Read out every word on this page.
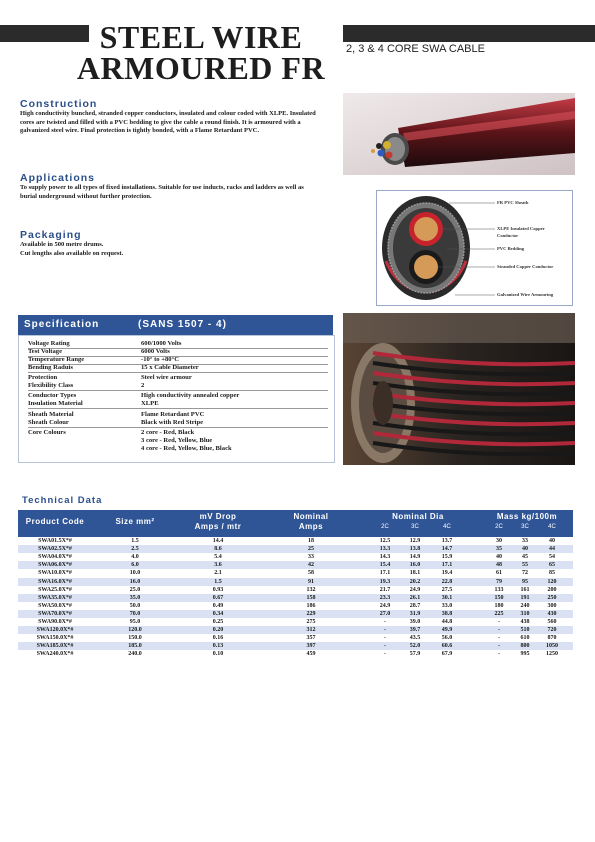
STEEL WIRE
ARMOURED FR
2, 3 & 4 CORE SWA CABLE
Construction
High conductivity bunched, stranded copper conductors, insulated and colour coded with XLPE. Insulated cores are twisted and filled with a PVC bedding to give the cable a round finish. It is armoured with a galvanized steel wire. Final protection is tightly bonded, with a Flame Retardant PVC.
Applications
To supply power to all types of fixed installations. Suitable for use inducts, racks and ladders as well as burial underground without further protection.
Packaging
Available in 500 metre drums.
Cut lengths also available on request.
FR PVC Sheath
XLPE Insulated Copper Conductor
PVC Bedding
Stranded Copper Conductor
Galvanized Wire Armouring
Specification	(SANS 1507 - 4)
Voltage Rating	600/1000 Volts

Test Voltage	6000 Volts

Temperature Range	-10° to +80°C

Bending Raduis	15 x Cable Diameter

Protection	Steel wire armour

Flexibility Class	2

Conductor Types	High conductivity annealed copper

Insulation Material	XLPE

Sheath Material	Flame Retardant PVC

Sheath Colour	Black with Red Stripe

Core Colours	2 core - Red, Black

3 core - Red, Yellow, Blue

4 core - Red, Yellow, Blue, Black

Technical Data
Product Code	Size mm²
mV Drop
Amps / mtr
Nominal
Amps
Nominal Dia
2C	3C	4C
Mass kg/100m
2C	3C	4C
SWA01.5X*#	1.5	14.4	18	12.5	12.9	13.7	30	33	40
SWA02.5X*#	2.5	8.6	25	13.3	13.8	14.7	35	40	44
SWA04.0X*#	4.0	5.4	33	14.3	14.9	15.9	40	45	54
SWA06.0X*#	6.0	3.6	42	15.4	16.0	17.1	48	55	65
SWA10.0X*#	10.0	2.1	58	17.1	18.1	19.4	61	72	85
SWA16.0X*#	16.0	1.5	91	19.3	20.2	22.8	79	95	120
SWA25.0X*#	25.0	0.93	132	21.7	24.9	27.5	133	161	200
SWA35.0X*#	35.0	0.67	158	23.3	26.1	30.1	150	191	250
SWA50.0X*#	50.0	0.49	186	24.9	28.7	33.0	180	240	300
SWA70.0X*#	70.0	0.34	229	27.0	31.9	38.8	225	310	430
SWA90.0X*#	95.0	0.25	275	-	39.0	44.8	-	438	560
SWA120.0X*#	120.0	0.20	312	-	39.7	49.9	-	510	720
SWA150.0X*#	150.0	0.16	357	-	43.5	56.0	-	610	870
SWA185.0X*#	185.0	0.13	397	-	52.0	60.6	-	800	1050
SWA240.0X*#	240.0	0.10	459	-	57.9	67.9	-	995	1250
